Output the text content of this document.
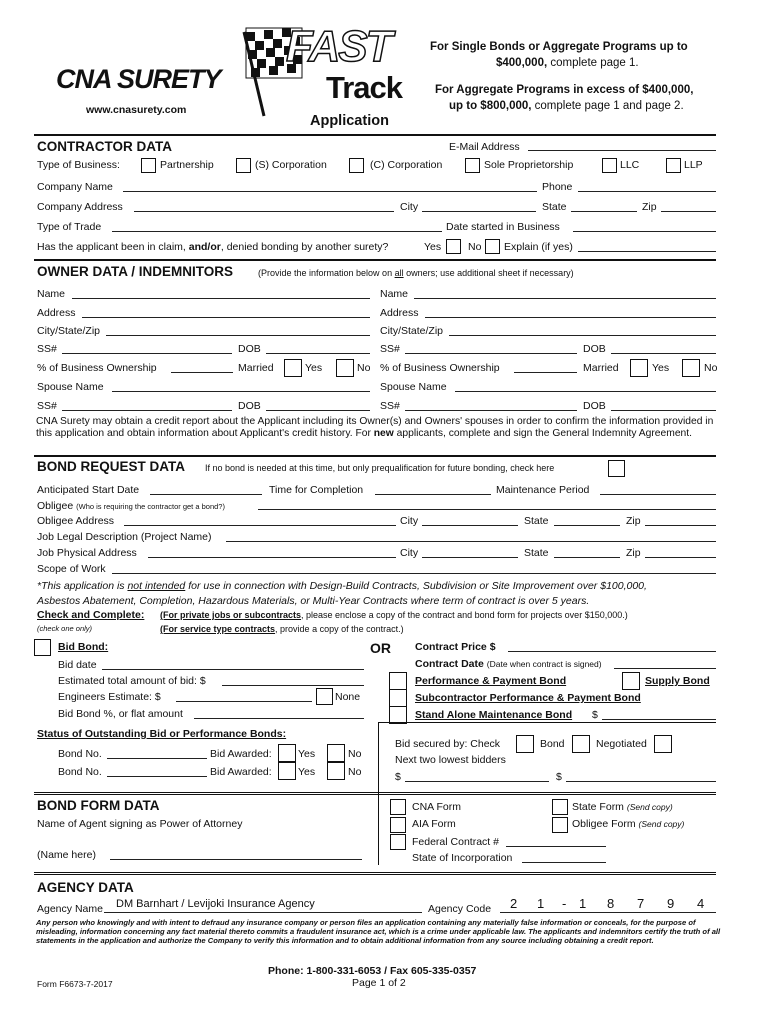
CNA SURETY
www.cnasurety.com
FAST
Track
Application
For Single Bonds or Aggregate Programs up to
$400,000, complete page 1.
For Aggregate Programs in excess of $400,000,
up to $800,000, complete page 1 and page 2.
CONTRACTOR DATA	E-Mail Address
Type of Business:	Partnership	(S) Corporation	(C) Corporation	Sole Proprietorship	LLC	LLP
Company Name	Phone
Company Address	City	State	Zip
Type of Trade	Date started in Business
Has the applicant been in claim, and/or, denied bonding by another surety?	Yes	No Explain (if yes)
OWNER DATA / INDEMNITORS	(Provide the information below on all owners; use additional sheet if necessary)
Name
Address
City/State/Zip
SS#	DOB
% of Business Ownership	Married	Yes	No
Spouse Name
SS#	DOB
Name
Address
City/State/Zip
SS#	DOB
% of Business Ownership	Married	Yes	No
Spouse Name
SS#	DOB
CNA Surety may obtain a credit report about the Applicant including its Owner(s) and Owners' spouses in order to confirm the information provided in this application and obtain information about Applicant's credit history. For new applicants, complete and sign the General Indemnity Agreement.
BOND REQUEST DATA If no bond is needed at this time, but only prequalification for future bonding, check here
Anticipated Start Date	Time for Completion	Maintenance Period
Obligee (Who is requiring the contractor get a bond?)
Obligee Address	City	State	Zip
Job Legal Description (Project Name)
Job Physical Address	City	State	Zip
Scope of Work
*This application is not intended for use in connection with Design-Build Contracts, Subdivision or Site Improvement over $100,000,
Asbestos Abatement, Completion, Hazardous Materials, or Multi-Year Contracts where term of contract is over 5 years.
Check and Complete: (For private jobs or subcontracts, please enclose a copy of the contract and bond form for projects over $150,000.)
(check one only)	(For service type contracts, provide a copy of the contract.)
Bid Bond:	OR
Bid date
Estimated total amount of bid: $
Engineers Estimate: $	None
Bid Bond %, or flat amount
Contract Price $
Contract Date (Date when contract is signed)
Performance & Payment Bond	Supply Bond
Subcontractor Performance & Payment Bond
Stand Alone Maintenance Bond $
Status of Outstanding Bid or Performance Bonds:
Bond No.	Bid Awarded:	Yes	No
Bond No.	Bid Awarded:	Yes	No
Bid secured by: Check	Bond	Negotiated
Next two lowest bidders
$	$
BOND FORM DATA
Name of Agent signing as Power of Attorney
(Name here)
CNA Form	State Form (Send copy)
AIA Form	Obligee Form (Send copy)
Federal Contract #
State of Incorporation
AGENCY DATA
Agency Name DM Barnhart / Levijoki Insurance Agency	Agency Code 2 1 - 1 8 7 9 4
Any person who knowingly and with intent to defraud any insurance company or person files an application containing any materially false information or conceals, for the purpose of misleading, information concerning any fact material thereto commits a fraudulent insurance act, which is a crime under applicable law. The applicants and indemnitors certify the truth of all statements in the application and authorize the Company to verify this information and to obtain additional information from any source including obtaining a credit report.
Phone: 1-800-331-6053 / Fax 605-335-0357
Form F6673-7-2017	Page 1 of 2
